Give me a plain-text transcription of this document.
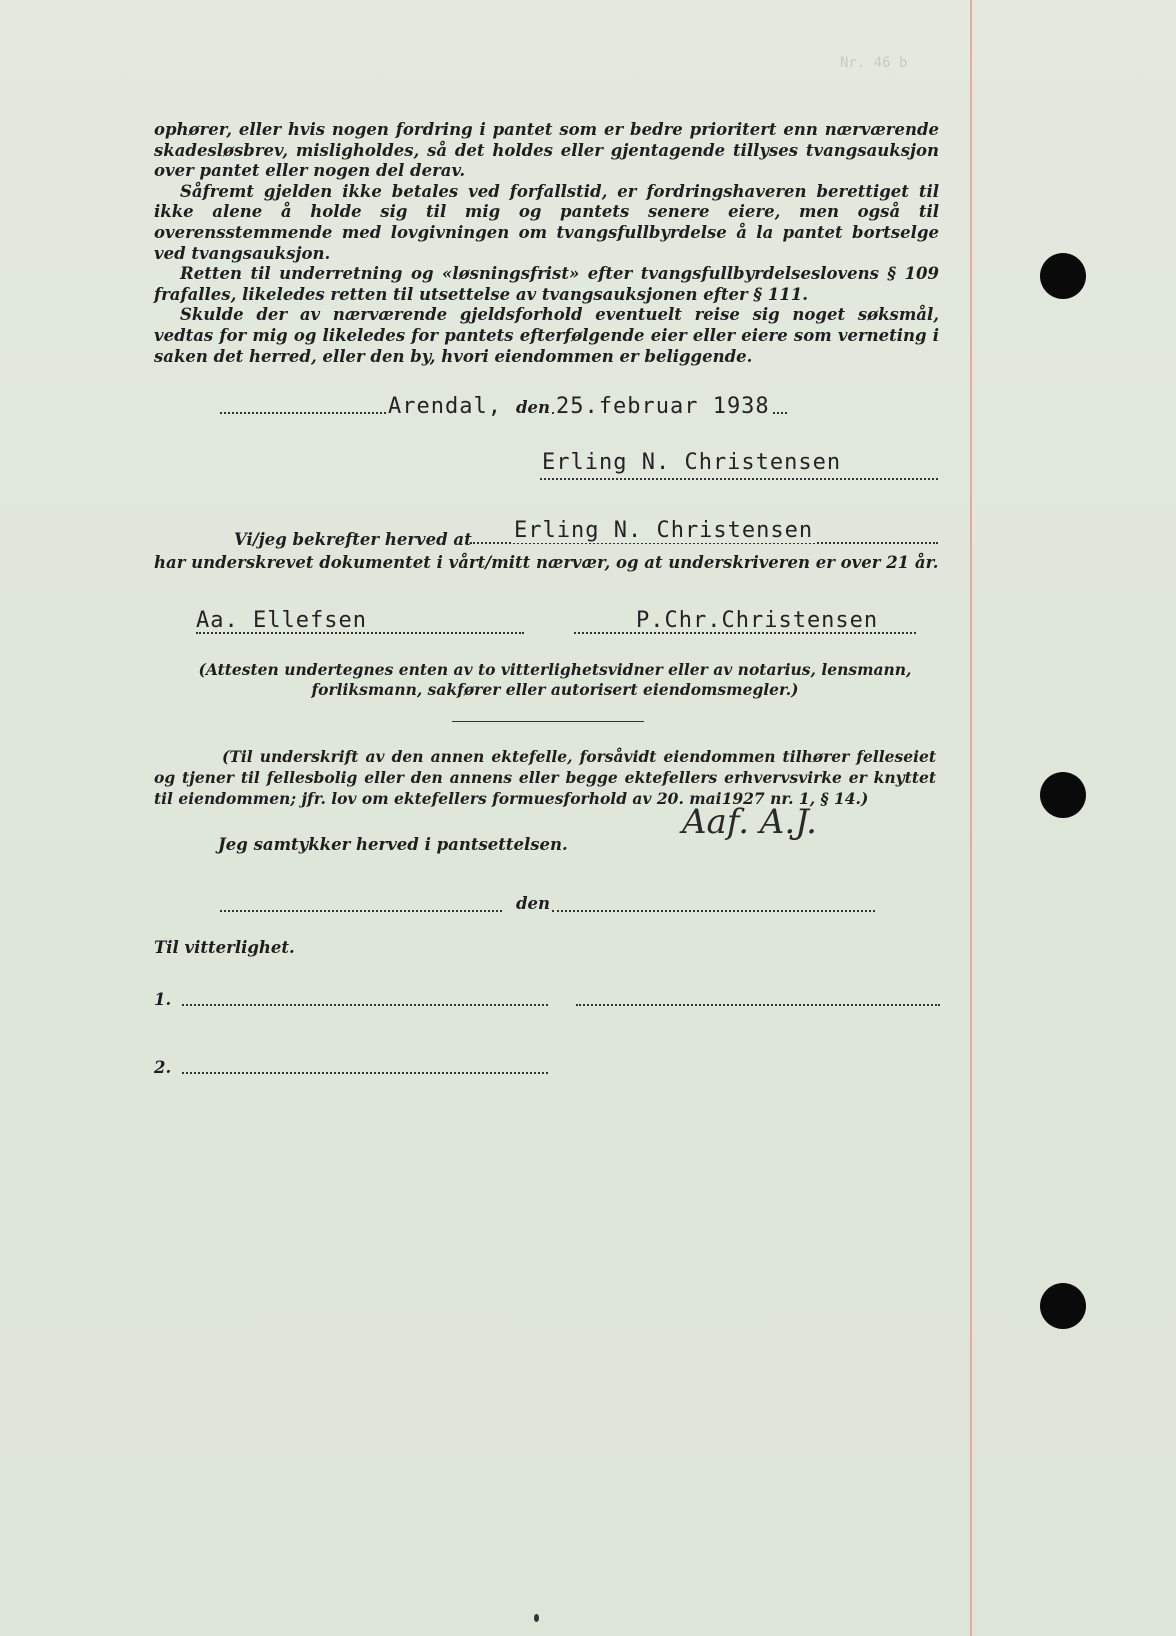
Nr. 46 b

ophører, eller hvis nogen fordring i pantet som er bedre prioritert enn nærværende skadesløsbrev, misligholdes, så det holdes eller gjentagende tillyses tvangsauksjon over pantet eller nogen del derav.

Såfremt gjelden ikke betales ved forfallstid, er fordringshaveren berettiget til ikke alene å holde sig til mig og pantets senere eiere, men også til overensstemmende med lovgivningen om tvangsfullbyrdelse å la pantet bortselge ved tvangsauksjon.

Retten til underretning og «løsningsfrist» efter tvangsfullbyrdelseslovens § 109 frafalles, likeledes retten til utsettelse av tvangsauksjonen efter § 111.

Skulde der av nærværende gjeldsforhold eventuelt reise sig noget søksmål, vedtas for mig og likeledes for pantets efterfølgende eier eller eiere som verneting i saken det herred, eller den by, hvori eiendommen er beliggende.

Arendal, den 25.februar 1938
Erling N. Christensen
Vi/jeg bekrefter herved at Erling N. Christensen
har underskrevet dokumentet i vårt/mitt nærvær, og at underskriveren er over 21 år.
Aa. Ellefsen	P.Chr.Christensen
(Attesten undertegnes enten av to vitterlighetsvidner eller av notarius, lensmann, forliksmann, sakfører eller autorisert eiendomsmegler.)
(Til underskrift av den annen ektefelle, forsåvidt eiendommen tilhører felleseiet og tjener til fellesbolig eller den annens eller begge ektefellers erhvervsvirke er knyttet til eiendommen; jfr. lov om ektefellers formuesforhold av 20. mai1927 nr. 1, § 14.)
Aaf. A.J.
Jeg samtykker herved i pantsettelsen.
den
Til vitterlighet.
1.
2.
